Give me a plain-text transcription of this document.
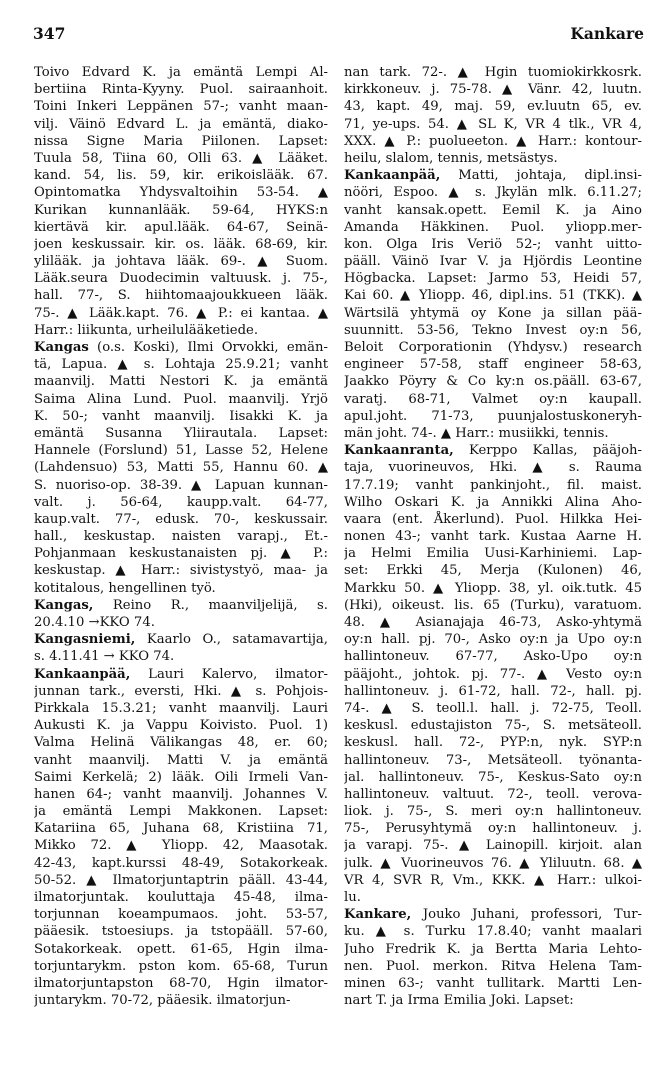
347	Kankare
Toivo Edvard K. ja emäntä Lempi Al-
bertiina Rinta-Kyyny. Puol. sairaanhoit.
Toini Inkeri Leppänen 57-; vanht maan-
vilj. Väinö Edvard L. ja emäntä, diako-
nissa Signe Maria Piilonen. Lapset:
Tuula 58, Tiina 60, Olli 63. ▲ Lääket.
kand. 54, lis. 59, kir. erikoislääk. 67.
Opintomatka Yhdysvaltoihin 53-54. ▲
Kurikan kunnanlääk. 59-64, HYKS:n
kiertävä kir. apul.lääk. 64-67, Seinä-
joen keskussair. kir. os. lääk. 68-69, kir.
ylilääk. ja johtava lääk. 69-. ▲ Suom.
Lääk.seura Duodecimin valtuusk. j. 75-,
hall. 77-, S. hiihtomaajoukkueen lääk.
75-. ▲ Lääk.kapt. 76. ▲ P.: ei kantaa. ▲
Harr.: liikunta, urheilulääketiede.
Kangas (o.s. Koski), Ilmi Orvokki, emän-
tä, Lapua. ▲ s. Lohtaja 25.9.21; vanht
maanvilj. Matti Nestori K. ja emäntä
Saima Alina Lund. Puol. maanvilj. Yrjö
K. 50-; vanht maanvilj. Iisakki K. ja
emäntä Susanna Yliirautala. Lapset:
Hannele (Forslund) 51, Lasse 52, Helene
(Lahdensuo) 53, Matti 55, Hannu 60. ▲
S. nuoriso-op. 38-39. ▲ Lapuan kunnan-
valt. j. 56-64, kaupp.valt. 64-77,
kaup.valt. 77-, edusk. 70-, keskussair.
hall., keskustap. naisten varapj., Et.-
Pohjanmaan keskustanaisten pj. ▲ P.:
keskustap. ▲ Harr.: sivistystyö, maa- ja
kotitalous, hengellinen työ.
Kangas, Reino R., maanviljelijä, s.
20.4.10 →KKO 74.
Kangasniemi, Kaarlo O., satamavartija,
s. 4.11.41 → KKO 74.
Kankaanpää, Lauri Kalervo, ilmator-
junnan tark., eversti, Hki. ▲ s. Pohjois-
Pirkkala 15.3.21; vanht maanvilj. Lauri
Aukusti K. ja Vappu Koivisto. Puol. 1)
Valma Helinä Välikangas 48, er. 60;
vanht maanvilj. Matti V. ja emäntä
Saimi Kerkelä; 2) lääk. Oili Irmeli Van-
hanen 64-; vanht maanvilj. Johannes V.
ja emäntä Lempi Makkonen. Lapset:
Katariina 65, Juhana 68, Kristiina 71,
Mikko 72. ▲ Yliopp. 42, Maasotak.
42-43, kapt.kurssi 48-49, Sotakorkeak.
50-52. ▲ Ilmatorjuntaptrin pääll. 43-44,
ilmatorjuntak. kouluttaja 45-48, ilma-
torjunnan koeampumaos. joht. 53-57,
pääesik. tstoesiups. ja tstopääll. 57-60,
Sotakorkeak. opett. 61-65, Hgin ilma-
torjuntarykm. pston kom. 65-68, Turun
ilmatorjuntapston 68-70, Hgin ilmator-
juntarykm. 70-72, pääesik. ilmatorjun-
nan tark. 72-. ▲ Hgin tuomiokirkkosrk.
kirkkoneuv. j. 75-78. ▲ Vänr. 42, luutn.
43, kapt. 49, maj. 59, ev.luutn 65, ev.
71, ye-ups. 54. ▲ SL K, VR 4 tlk., VR 4,
XXX. ▲ P.: puolueeton. ▲ Harr.: kontour-
heilu, slalom, tennis, metsästys.
Kankaanpää, Matti, johtaja, dipl.insi-
nööri, Espoo. ▲ s. Jkylän mlk. 6.11.27;
vanht kansak.opett. Eemil K. ja Aino
Amanda Häkkinen. Puol. yliopp.mer-
kon. Olga Iris Veriö 52-; vanht uitto-
pääll. Väinö Ivar V. ja Hjördis Leontine
Högbacka. Lapset: Jarmo 53, Heidi 57,
Kai 60. ▲ Yliopp. 46, dipl.ins. 51 (TKK). ▲
Wärtsilä yhtymä oy Kone ja sillan pää-
suunnitt. 53-56, Tekno Invest oy:n 56,
Beloit Corporationin (Yhdysv.) research
engineer 57-58, staff engineer 58-63,
Jaakko Pöyry & Co ky:n os.pääll. 63-67,
varatj. 68-71, Valmet oy:n kaupall.
apul.joht. 71-73, puunjalostuskoneryh-
män joht. 74-. ▲ Harr.: musiikki, tennis.
Kankaanranta, Kerppo Kallas, pääjoh-
taja, vuorineuvos, Hki. ▲ s. Rauma
17.7.19; vanht pankinjoht., fil. maist.
Wilho Oskari K. ja Annikki Alina Aho-
vaara (ent. Åkerlund). Puol. Hilkka Hei-
nonen 43-; vanht tark. Kustaa Aarne H.
ja Helmi Emilia Uusi-Karhiniemi. Lap-
set: Erkki 45, Merja (Kulonen) 46,
Markku 50. ▲ Yliopp. 38, yl. oik.tutk. 45
(Hki), oikeust. lis. 65 (Turku), varatuom.
48. ▲ Asianajaja 46-73, Asko-yhtymä
oy:n hall. pj. 70-, Asko oy:n ja Upo oy:n
hallintoneuv. 67-77, Asko-Upo oy:n
pääjoht., johtok. pj. 77-. ▲ Vesto oy:n
hallintoneuv. j. 61-72, hall. 72-, hall. pj.
74-. ▲ S. teoll.l. hall. j. 72-75, Teoll.
keskusl. edustajiston 75-, S. metsäteoll.
keskusl. hall. 72-, PYP:n, nyk. SYP:n
hallintoneuv. 73-, Metsäteoll. työnanta-
jal. hallintoneuv. 75-, Keskus-Sato oy:n
hallintoneuv. valtuut. 72-, teoll. verova-
liok. j. 75-, S. meri oy:n hallintoneuv.
75-, Perusyhtymä oy:n hallintoneuv. j.
ja varapj. 75-. ▲ Lainopill. kirjoit. alan
julk. ▲ Vuorineuvos 76. ▲ Yliluutn. 68. ▲
VR 4, SVR R, Vm., KKK. ▲ Harr.: ulkoi-
lu.
Kankare, Jouko Juhani, professori, Tur-
ku. ▲ s. Turku 17.8.40; vanht maalari
Juho Fredrik K. ja Bertta Maria Lehto-
nen. Puol. merkon. Ritva Helena Tam-
minen 63-; vanht tullitark. Martti Len-
nart T. ja Irma Emilia Joki. Lapset:
